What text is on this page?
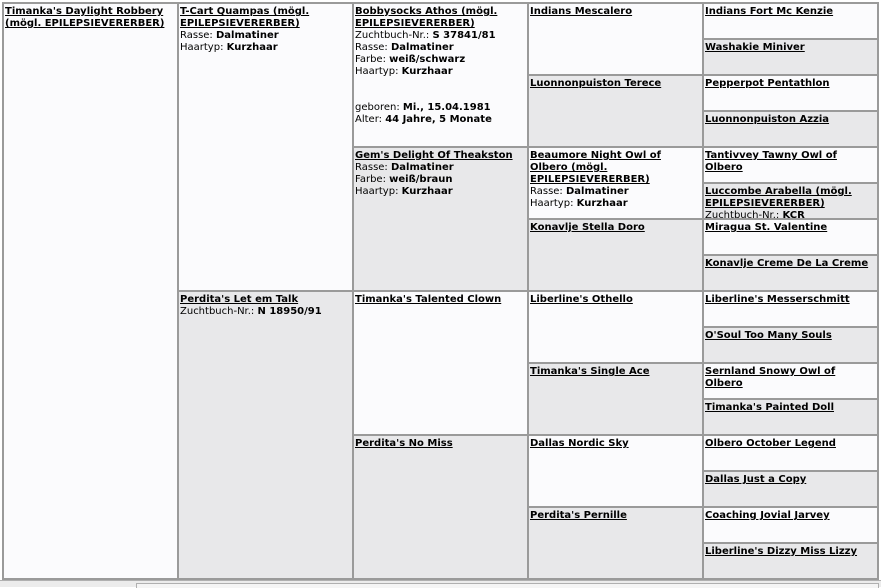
Timanka's Daylight Robbery (mögl. EPILEPSIEVERERBER)
T-Cart Quampas (mögl. EPILEPSIEVERERBER)
Rasse: Dalmatiner
Haartyp: Kurzhaar
Perdita's Let em Talk
Zuchtbuch-Nr.: N 18950/91
Bobbysocks Athos (mögl. EPILEPSIEVERERBER)
Zuchtbuch-Nr.: S 37841/81
Rasse: Dalmatiner
Farbe: weiß/schwarz
Haartyp: Kurzhaar
geboren: Mi., 15.04.1981
Alter: 44 Jahre, 5 Monate
Gem's Delight Of Theakston
Rasse: Dalmatiner
Farbe: weiß/braun
Haartyp: Kurzhaar
Timanka's Talented Clown
Perdita's No Miss
Indians Mescalero
Luonnonpuiston Terece
Beaumore Night Owl of Olbero (mögl. EPILEPSIEVERERBER)
Rasse: Dalmatiner
Haartyp: Kurzhaar
Konavlje Stella Doro
Liberline's Othello
Timanka's Single Ace
Dallas Nordic Sky
Perdita's Pernille
Indians Fort Mc Kenzie
Washakie Miniver
Pepperpot Pentathlon
Luonnonpuiston Azzia
Tantivvey Tawny Owl of Olbero
Luccombe Arabella (mögl. EPILEPSIEVERERBER)
Zuchtbuch-Nr.: KCR
Miragua St. Valentine
Konavlje Creme De La Creme
Liberline's Messerschmitt
O'Soul Too Many Souls
Sernland Snowy Owl of Olbero
Timanka's Painted Doll
Olbero October Legend
Dallas Just a Copy
Coaching Jovial Jarvey
Liberline's Dizzy Miss Lizzy
